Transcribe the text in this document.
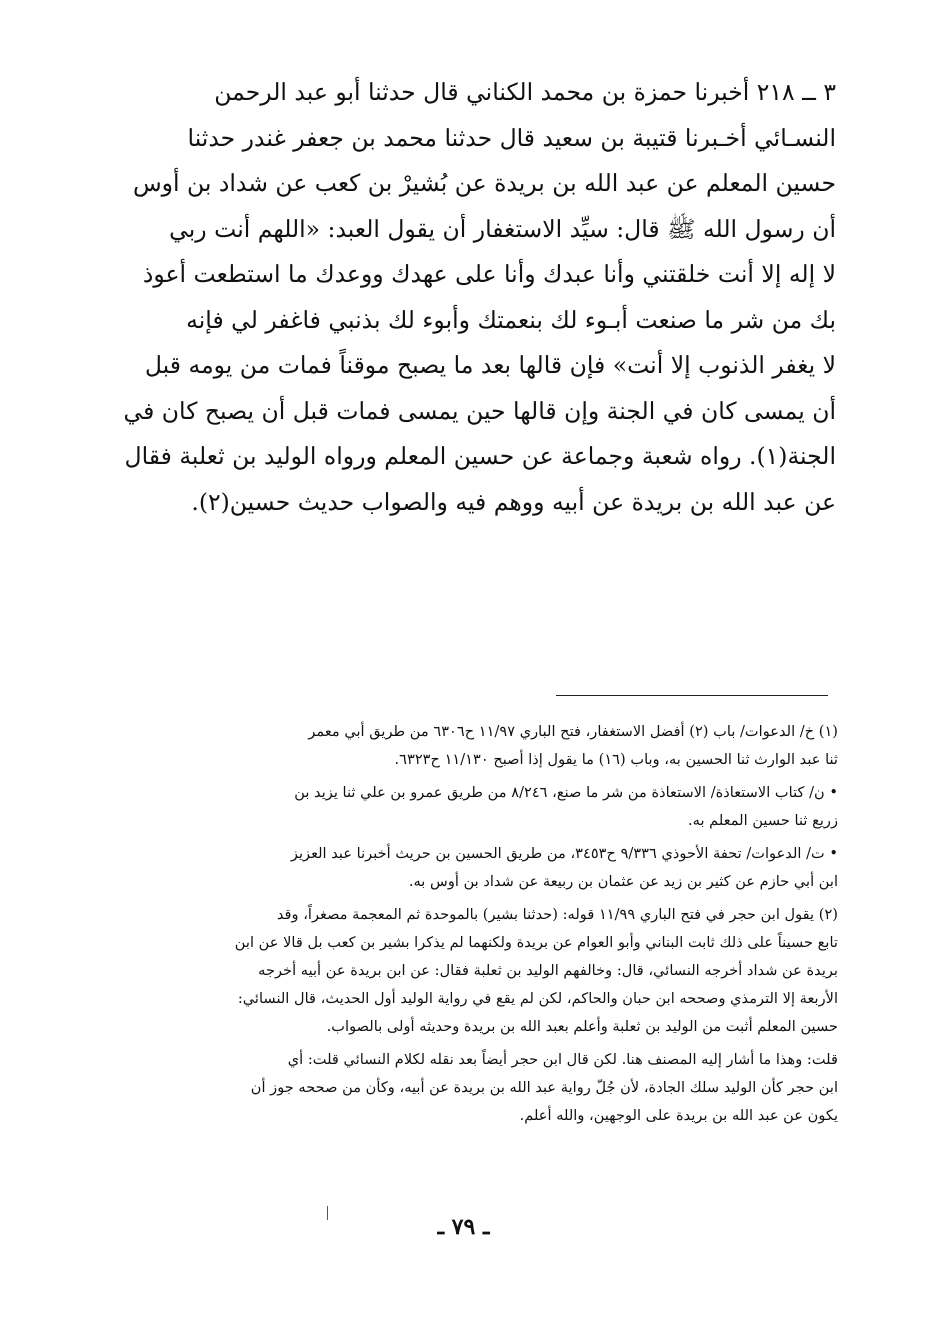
٣ ــ ٢١٨ أخبرنا حمزة بن محمد الكناني قال حدثنا أبو عبد الرحمن
النسـائي أخـبرنا قتيبة بن سعيد قال حدثنا محمد بن جعفر غندر حدثنا
حسين المعلم عن عبد الله بن بريدة عن بُشيرْ بن كعب عن شداد بن أوس
أن رسول الله ﷺ قال: سيِّد الاستغفار أن يقول العبد: «اللهم أنت ربي
لا إله إلا أنت خلقتني وأنا عبدك وأنا على عهدك ووعدك ما استطعت أعوذ
بك من شر ما صنعت أبـوء لك بنعمتك وأبوء لك بذنبي فاغفر لي فإنه
لا يغفر الذنوب إلا أنت» فإن قالها بعد ما يصبح موقناً فمات من يومه قبل
أن يمسى كان في الجنة وإن قالها حين يمسى فمات قبل أن يصبح كان في
الجنة(١). رواه شعبة وجماعة عن حسين المعلم ورواه الوليد بن ثعلبة فقال
عن عبد الله بن بريدة عن أبيه ووهم فيه والصواب حديث حسين(٢).

(١) خ/ الدعوات/ باب (٢) أفضل الاستغفار، فتح الباري ١١/٩٧ ح٦٣٠٦ من طريق أبي معمر
ثنا عبد الوارث ثنا الحسين به، وباب (١٦) ما يقول إذا أصبح ١١/١٣٠ ح٦٣٢٣.

• ن/ كتاب الاستعاذة/ الاستعاذة من شر ما صنع، ٨/٢٤٦ من طريق عمرو بن علي ثنا يزيد بن
زريع ثنا حسين المعلم به.

• ت/ الدعوات/ تحفة الأحوذي ٩/٣٣٦ ح٣٤٥٣، من طريق الحسين بن حريث أخبرنا عبد العزيز
ابن أبي حازم عن كثير بن زيد عن عثمان بن ربيعة عن شداد بن أوس به.

(٢) يقول ابن حجر في فتح الباري ١١/٩٩ قوله: (حدثنا بشير) بالموحدة ثم المعجمة مصغراً، وقد
تابع حسيناً على ذلك ثابت البناني وأبو العوام عن بريدة ولكنهما لم يذكرا بشير بن كعب بل قالا عن ابن
بريدة عن شداد أخرجه النسائي، قال: وخالفهم الوليد بن ثعلبة فقال: عن ابن بريدة عن أبيه أخرجه
الأربعة إلا الترمذي وصححه ابن حبان والحاكم، لكن لم يقع في رواية الوليد أول الحديث، قال النسائي:
حسين المعلم أثبت من الوليد بن ثعلبة وأعلم بعبد الله بن بريدة وحديثه أولى بالصواب.

قلت: وهذا ما أشار إليه المصنف هنا. لكن قال ابن حجر أيضاً بعد نقله لكلام النسائي قلت: أي
ابن حجر كأن الوليد سلك الجادة، لأن جُلّ رواية عبد الله بن بريدة عن أبيه، وكأن من صححه جوز أن
يكون عن عبد الله بن بريدة على الوجهين، والله أعلم.

ـ ٧٩ ـ
